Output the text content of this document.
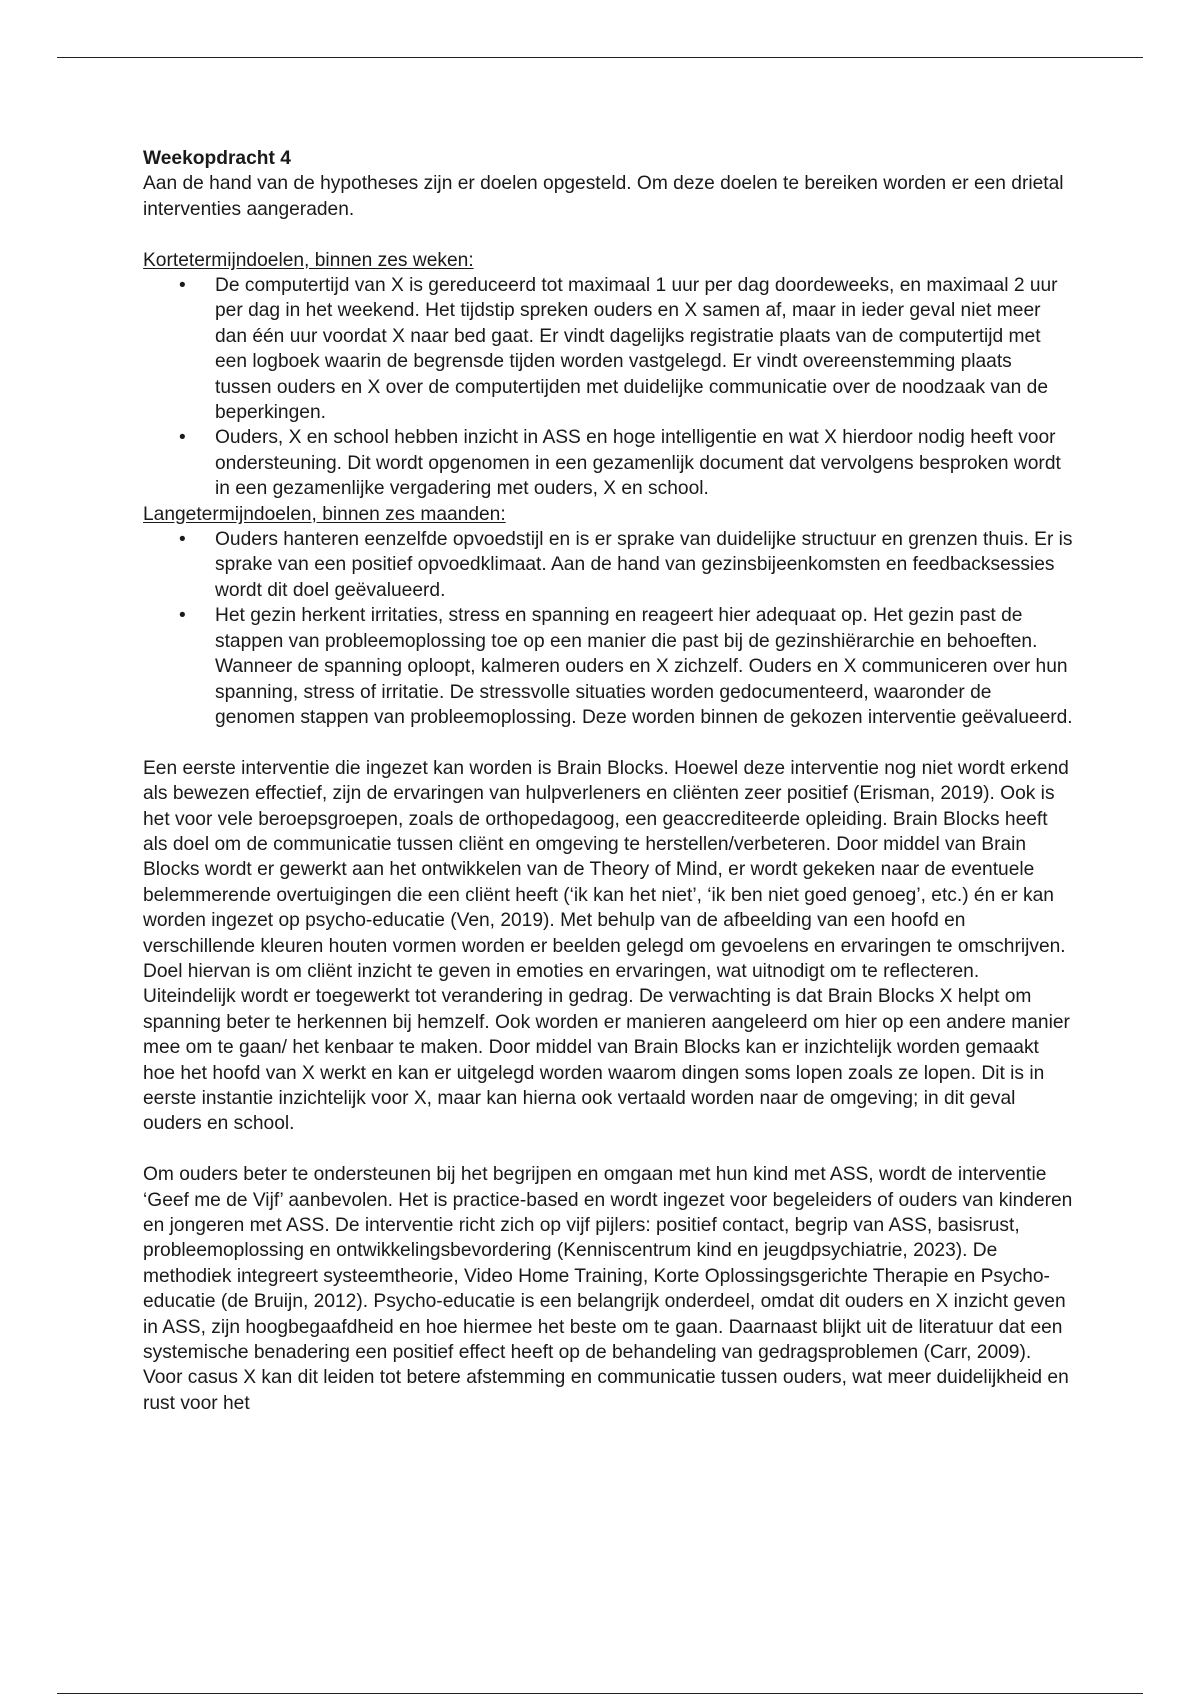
Weekopdracht 4

Aan de hand van de hypotheses zijn er doelen opgesteld. Om deze doelen te bereiken worden er een drietal interventies aangeraden.

Kortetermijndoelen, binnen zes weken:

• De computertijd van X is gereduceerd tot maximaal 1 uur per dag doordeweeks, en maximaal 2 uur per dag in het weekend. Het tijdstip spreken ouders en X samen af, maar in ieder geval niet meer dan één uur voordat X naar bed gaat. Er vindt dagelijks registratie plaats van de computertijd met een logboek waarin de begrensde tijden worden vastgelegd. Er vindt overeenstemming plaats tussen ouders en X over de computertijden met duidelijke communicatie over de noodzaak van de beperkingen.
• Ouders, X en school hebben inzicht in ASS en hoge intelligentie en wat X hierdoor nodig heeft voor ondersteuning. Dit wordt opgenomen in een gezamenlijk document dat vervolgens besproken wordt in een gezamenlijke vergadering met ouders, X en school.

Langetermijndoelen, binnen zes maanden:

• Ouders hanteren eenzelfde opvoedstijl en is er sprake van duidelijke structuur en grenzen thuis. Er is sprake van een positief opvoedklimaat. Aan de hand van gezinsbijeenkomsten en feedbacksessies wordt dit doel geëvalueerd.
• Het gezin herkent irritaties, stress en spanning en reageert hier adequaat op. Het gezin past de stappen van probleemoplossing toe op een manier die past bij de gezinshiërarchie en behoeften. Wanneer de spanning oploopt, kalmeren ouders en X zichzelf. Ouders en X communiceren over hun spanning, stress of irritatie. De stressvolle situaties worden gedocumenteerd, waaronder de genomen stappen van probleemoplossing. Deze worden binnen de gekozen interventie geëvalueerd.

Een eerste interventie die ingezet kan worden is Brain Blocks. Hoewel deze interventie nog niet wordt erkend als bewezen effectief, zijn de ervaringen van hulpverleners en cliënten zeer positief (Erisman, 2019). Ook is het voor vele beroepsgroepen, zoals de orthopedagoog, een geaccrediteerde opleiding. Brain Blocks heeft als doel om de communicatie tussen cliënt en omgeving te herstellen/verbeteren. Door middel van Brain Blocks wordt er gewerkt aan het ontwikkelen van de Theory of Mind, er wordt gekeken naar de eventuele belemmerende overtuigingen die een cliënt heeft (‘ik kan het niet’, ‘ik ben niet goed genoeg’, etc.) én er kan worden ingezet op psycho-educatie (Ven, 2019). Met behulp van de afbeelding van een hoofd en verschillende kleuren houten vormen worden er beelden gelegd om gevoelens en ervaringen te omschrijven. Doel hiervan is om cliënt inzicht te geven in emoties en ervaringen, wat uitnodigt om te reflecteren. Uiteindelijk wordt er toegewerkt tot verandering in gedrag. De verwachting is dat Brain Blocks X helpt om spanning beter te herkennen bij hemzelf. Ook worden er manieren aangeleerd om hier op een andere manier mee om te gaan/ het kenbaar te maken. Door middel van Brain Blocks kan er inzichtelijk worden gemaakt hoe het hoofd van X werkt en kan er uitgelegd worden waarom dingen soms lopen zoals ze lopen. Dit is in eerste instantie inzichtelijk voor X, maar kan hierna ook vertaald worden naar de omgeving; in dit geval ouders en school.

Om ouders beter te ondersteunen bij het begrijpen en omgaan met hun kind met ASS, wordt de interventie ‘Geef me de Vijf’ aanbevolen. Het is practice-based en wordt ingezet voor begeleiders of ouders van kinderen en jongeren met ASS. De interventie richt zich op vijf pijlers: positief contact, begrip van ASS, basisrust, probleemoplossing en ontwikkelingsbevordering (Kenniscentrum kind en jeugdpsychiatrie, 2023). De methodiek integreert systeemtheorie, Video Home Training, Korte Oplossingsgerichte Therapie en Psycho-educatie (de Bruijn, 2012). Psycho-educatie is een belangrijk onderdeel, omdat dit ouders en X inzicht geven in ASS, zijn hoogbegaafdheid en hoe hiermee het beste om te gaan. Daarnaast blijkt uit de literatuur dat een systemische benadering een positief effect heeft op de behandeling van gedragsproblemen (Carr, 2009). Voor casus X kan dit leiden tot betere afstemming en communicatie tussen ouders, wat meer duidelijkheid en rust voor het
